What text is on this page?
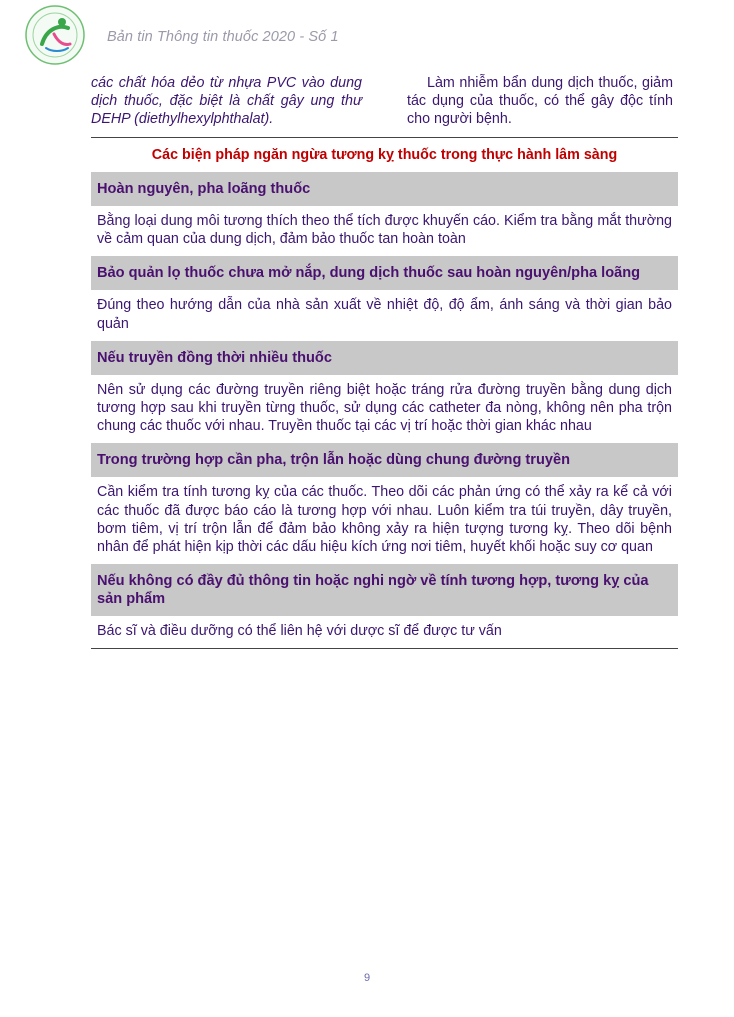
Bản tin Thông tin thuốc 2020 - Số 1
các chất hóa dẻo từ nhựa PVC vào dung dịch thuốc, đặc biệt là chất gây ung thư DEHP (diethylhexylphthalat).
Làm nhiễm bẩn dung dịch thuốc, giảm tác dụng của thuốc, có thể gây độc tính cho người bệnh.
Các biện pháp ngăn ngừa tương kỵ thuốc trong thực hành lâm sàng
Hoàn nguyên, pha loãng thuốc
Bằng loại dung môi tương thích theo thể tích được khuyến cáo. Kiểm tra bằng mắt thường về cảm quan của dung dịch, đảm bảo thuốc tan hoàn toàn
Bảo quản lọ thuốc chưa mở nắp, dung dịch thuốc sau hoàn nguyên/pha loãng
Đúng theo hướng dẫn của nhà sản xuất về nhiệt độ, độ ẩm, ánh sáng và thời gian bảo quản
Nếu truyền đồng thời nhiều thuốc
Nên sử dụng các đường truyền riêng biệt hoặc tráng rửa đường truyền bằng dung dịch tương hợp sau khi truyền từng thuốc, sử dụng các catheter đa nòng, không nên pha trộn chung các thuốc với nhau. Truyền thuốc tại các vị trí hoặc thời gian khác nhau
Trong trường hợp cần pha, trộn lẫn hoặc dùng chung đường truyền
Cần kiểm tra tính tương kỵ của các thuốc. Theo dõi các phản ứng có thể xảy ra kể cả với các thuốc đã được báo cáo là tương hợp với nhau. Luôn kiểm tra túi truyền, dây truyền, bơm tiêm, vị trí trộn lẫn để đảm bảo không xảy ra hiện tượng tương kỵ. Theo dõi bệnh nhân để phát hiện kịp thời các dấu hiệu kích ứng nơi tiêm, huyết khối hoặc suy cơ quan
Nếu không có đầy đủ thông tin hoặc nghi ngờ về tính tương hợp, tương kỵ của sản phẩm
Bác sĩ và điều dưỡng có thể liên hệ với dược sĩ để được tư vấn
9
